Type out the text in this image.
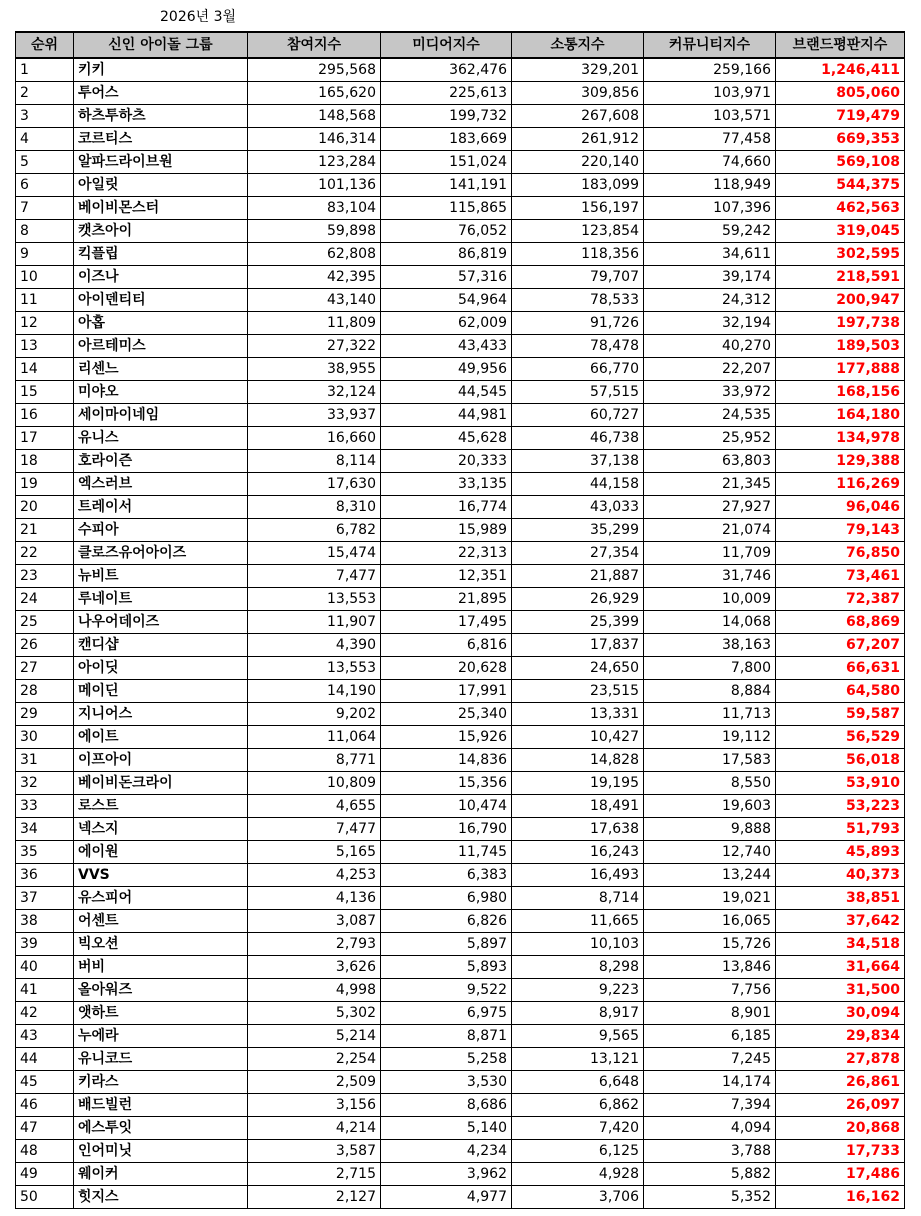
2026년 3월
순위	신인 아이돌 그룹	참여지수	미디어지수	소통지수	커뮤니티지수	브랜드평판지수
1	키키	295,568	362,476	329,201	259,166	1,246,411
2	투어스	165,620	225,613	309,856	103,971	805,060
3	하츠투하츠	148,568	199,732	267,608	103,571	719,479
4	코르티스	146,314	183,669	261,912	77,458	669,353
5	알파드라이브원	123,284	151,024	220,140	74,660	569,108
6	아일릿	101,136	141,191	183,099	118,949	544,375
7	베이비몬스터	83,104	115,865	156,197	107,396	462,563
8	캣츠아이	59,898	76,052	123,854	59,242	319,045
9	킥플립	62,808	86,819	118,356	34,611	302,595
10	이즈나	42,395	57,316	79,707	39,174	218,591
11	아이덴티티	43,140	54,964	78,533	24,312	200,947
12	아홉	11,809	62,009	91,726	32,194	197,738
13	아르테미스	27,322	43,433	78,478	40,270	189,503
14	리센느	38,955	49,956	66,770	22,207	177,888
15	미야오	32,124	44,545	57,515	33,972	168,156
16	세이마이네임	33,937	44,981	60,727	24,535	164,180
17	유니스	16,660	45,628	46,738	25,952	134,978
18	호라이즌	8,114	20,333	37,138	63,803	129,388
19	엑스러브	17,630	33,135	44,158	21,345	116,269
20	트레이서	8,310	16,774	43,033	27,927	96,046
21	수피아	6,782	15,989	35,299	21,074	79,143
22	클로즈유어아이즈	15,474	22,313	27,354	11,709	76,850
23	뉴비트	7,477	12,351	21,887	31,746	73,461
24	루네이트	13,553	21,895	26,929	10,009	72,387
25	나우어데이즈	11,907	17,495	25,399	14,068	68,869
26	캔디샵	4,390	6,816	17,837	38,163	67,207
27	아이딧	13,553	20,628	24,650	7,800	66,631
28	메이딘	14,190	17,991	23,515	8,884	64,580
29	지니어스	9,202	25,340	13,331	11,713	59,587
30	에이트	11,064	15,926	10,427	19,112	56,529
31	이프아이	8,771	14,836	14,828	17,583	56,018
32	베이비돈크라이	10,809	15,356	19,195	8,550	53,910
33	로스트	4,655	10,474	18,491	19,603	53,223
34	넥스지	7,477	16,790	17,638	9,888	51,793
35	에이원	5,165	11,745	16,243	12,740	45,893
36	VVS	4,253	6,383	16,493	13,244	40,373
37	유스피어	4,136	6,980	8,714	19,021	38,851
38	어센트	3,087	6,826	11,665	16,065	37,642
39	빅오션	2,793	5,897	10,103	15,726	34,518
40	버비	3,626	5,893	8,298	13,846	31,664
41	올아워즈	4,998	9,522	9,223	7,756	31,500
42	앳하트	5,302	6,975	8,917	8,901	30,094
43	누에라	5,214	8,871	9,565	6,185	29,834
44	유니코드	2,254	5,258	13,121	7,245	27,878
45	키라스	2,509	3,530	6,648	14,174	26,861
46	배드빌런	3,156	8,686	6,862	7,394	26,097
47	에스투잇	4,214	5,140	7,420	4,094	20,868
48	인어미닛	3,587	4,234	6,125	3,788	17,733
49	웨이커	2,715	3,962	4,928	5,882	17,486
50	힛지스	2,127	4,977	3,706	5,352	16,162
